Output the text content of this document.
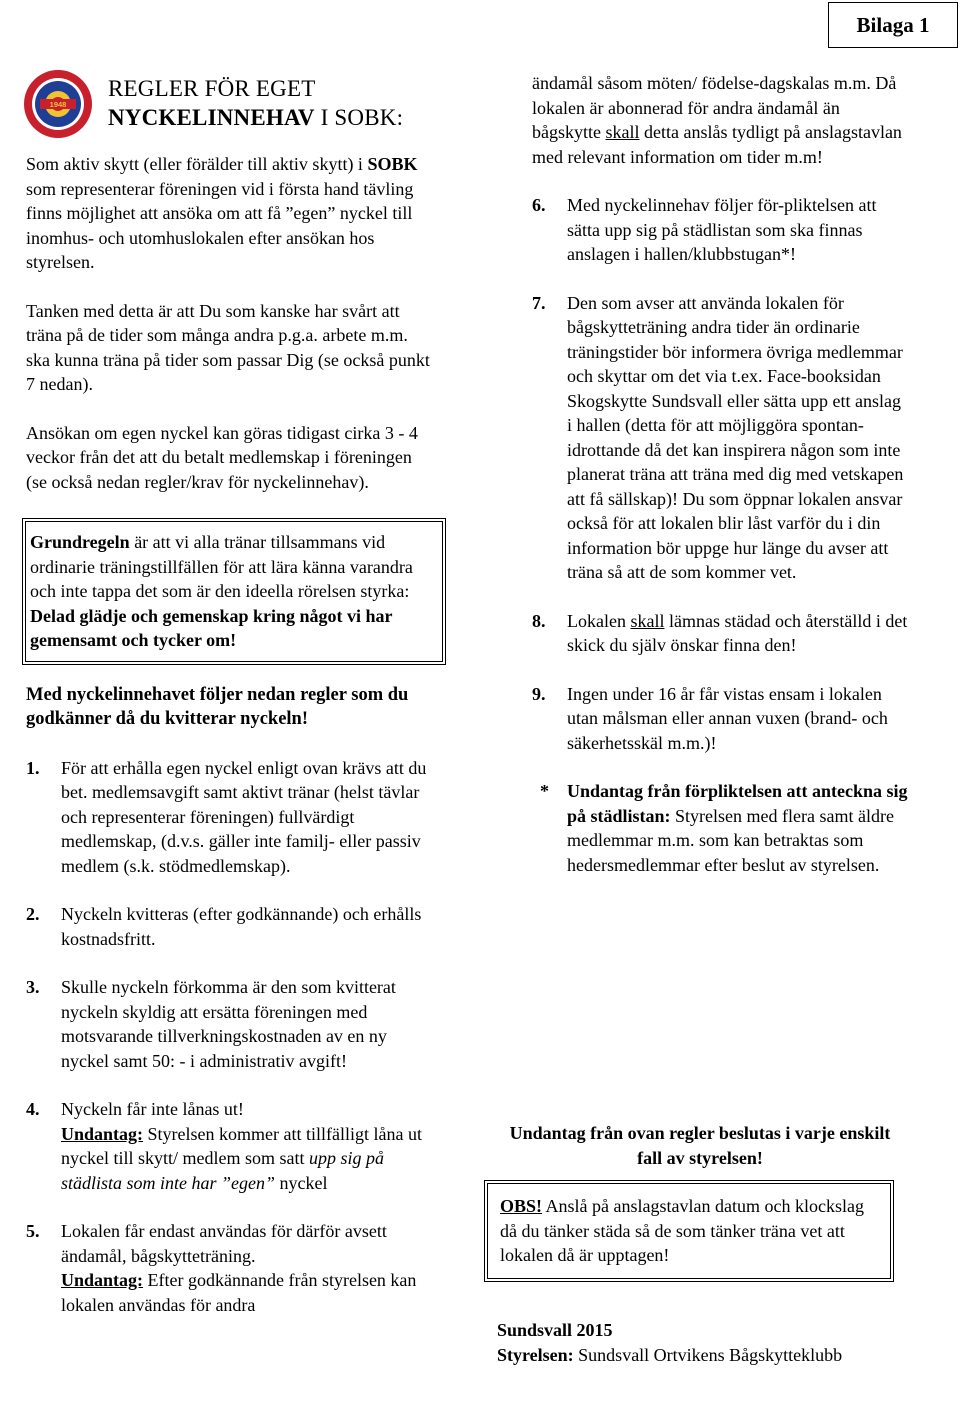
Bilaga 1
1948
REGLER FÖR EGET
NYCKELINNEHAV I SOBK:

Som aktiv skytt (eller förälder till aktiv skytt) i SOBK som representerar föreningen vid i första hand tävling finns möjlighet att ansöka om att få ”egen” nyckel till inomhus- och utomhuslokalen efter ansökan hos styrelsen.

Tanken med detta är att Du som kanske har svårt att träna på de tider som många andra p.g.a. arbete m.m. ska kunna träna på tider som passar Dig (se också punkt 7 nedan).

Ansökan om egen nyckel kan göras tidigast cirka 3 - 4 veckor från det att du betalt medlemskap i föreningen (se också nedan regler/krav för nyckelinnehav).

Grundregeln är att vi alla tränar tillsammans vid ordinarie träningstillfällen för att lära känna varandra och inte tappa det som är den ideella rörelsen styrka: Delad glädje och gemenskap kring något vi har gemensamt och tycker om!

Med nyckelinnehavet följer nedan regler som du godkänner då du kvitterar nyckeln!

1. För att erhålla egen nyckel enligt ovan krävs att du bet. medlemsavgift samt aktivt tränar (helst tävlar och representerar föreningen) fullvärdigt medlemskap, (d.v.s. gäller inte familj- eller passiv medlem (s.k. stödmedlemskap).
2. Nyckeln kvitteras (efter godkännande) och erhålls kostnadsfritt.
3. Skulle nyckeln förkomma är den som kvitterat nyckeln skyldig att ersätta föreningen med motsvarande tillverkningskostnaden av en ny nyckel samt 50: - i administrativ avgift!
4. Nyckeln får inte lånas ut!
Undantag: Styrelsen kommer att tillfälligt låna ut nyckel till skytt/ medlem som satt upp sig på städlista som inte har ”egen” nyckel
5. Lokalen får endast användas för därför avsett ändamål, bågskytteträning.
Undantag: Efter godkännande från styrelsen kan lokalen användas för andra

ändamål såsom möten/ födelse-dagskalas m.m. Då lokalen är abonnerad för andra ändamål än bågskytte skall detta anslås tydligt på anslagstavlan med relevant information om tider m.m!

6. Med nyckelinnehav följer för-pliktelsen att sätta upp sig på städlistan som ska finnas anslagen i hallen/klubbstugan*!
7. Den som avser att använda lokalen för bågskytteträning andra tider än ordinarie träningstider bör informera övriga medlemmar och skyttar om det via t.ex. Face-booksidan Skogskytte Sundsvall eller sätta upp ett anslag i hallen (detta för att möjliggöra spontan-idrottande då det kan inspirera någon som inte planerat träna att träna med dig med vetskapen att få sällskap)! Du som öppnar lokalen ansvar också för att lokalen blir låst varför du i din information bör uppge hur länge du avser att träna så att de som kommer vet.
8. Lokalen skall lämnas städad och återställd i det skick du själv önskar finna den!
9. Ingen under 16 år får vistas ensam i lokalen utan målsman eller annan vuxen (brand- och säkerhetsskäl m.m.)!
* Undantag från förpliktelsen att anteckna sig på städlistan: Styrelsen med flera samt äldre medlemmar m.m. som kan betraktas som hedersmedlemmar efter beslut av styrelsen.
Undantag från ovan regler beslutas i varje enskilt fall av styrelsen!
OBS! Anslå på anslagstavlan datum och klockslag då du tänker städa så de som tänker träna vet att lokalen då är upptagen!
Sundsvall 2015
Styrelsen: Sundsvall Ortvikens Bågskytteklubb
